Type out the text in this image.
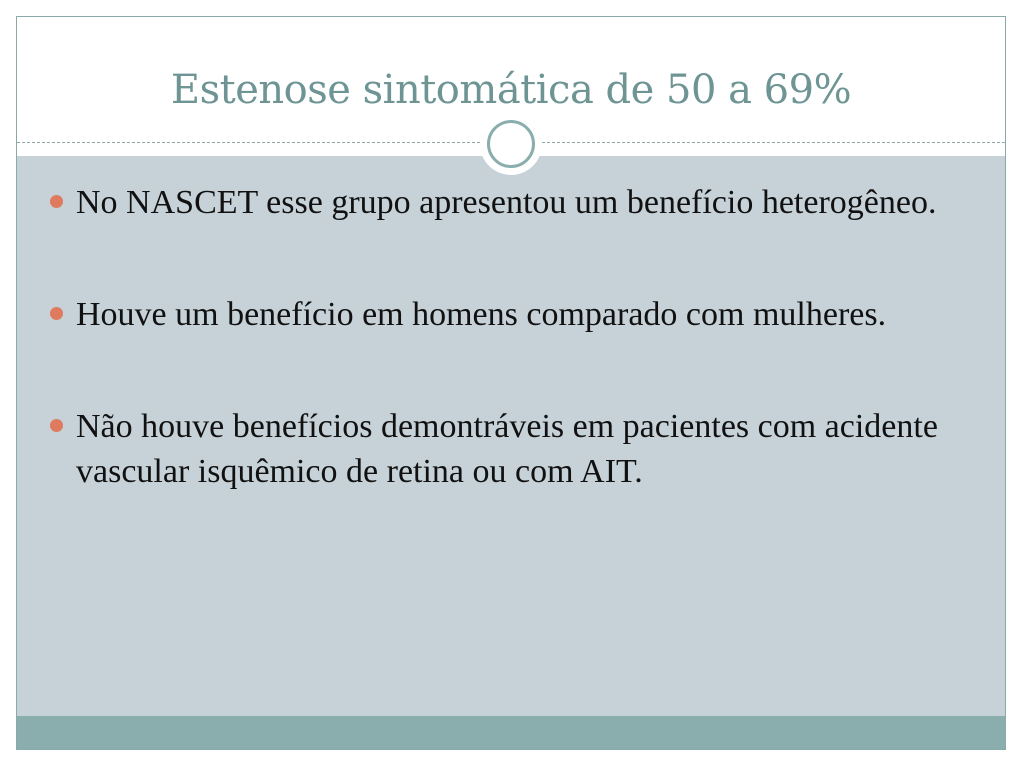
Estenose sintomática de 50 a 69%
No NASCET esse grupo apresentou um benefício heterogêneo.
Houve um benefício em homens comparado com mulheres.
Não houve benefícios demontráveis em pacientes com acidente vascular isquêmico de retina ou com AIT.
